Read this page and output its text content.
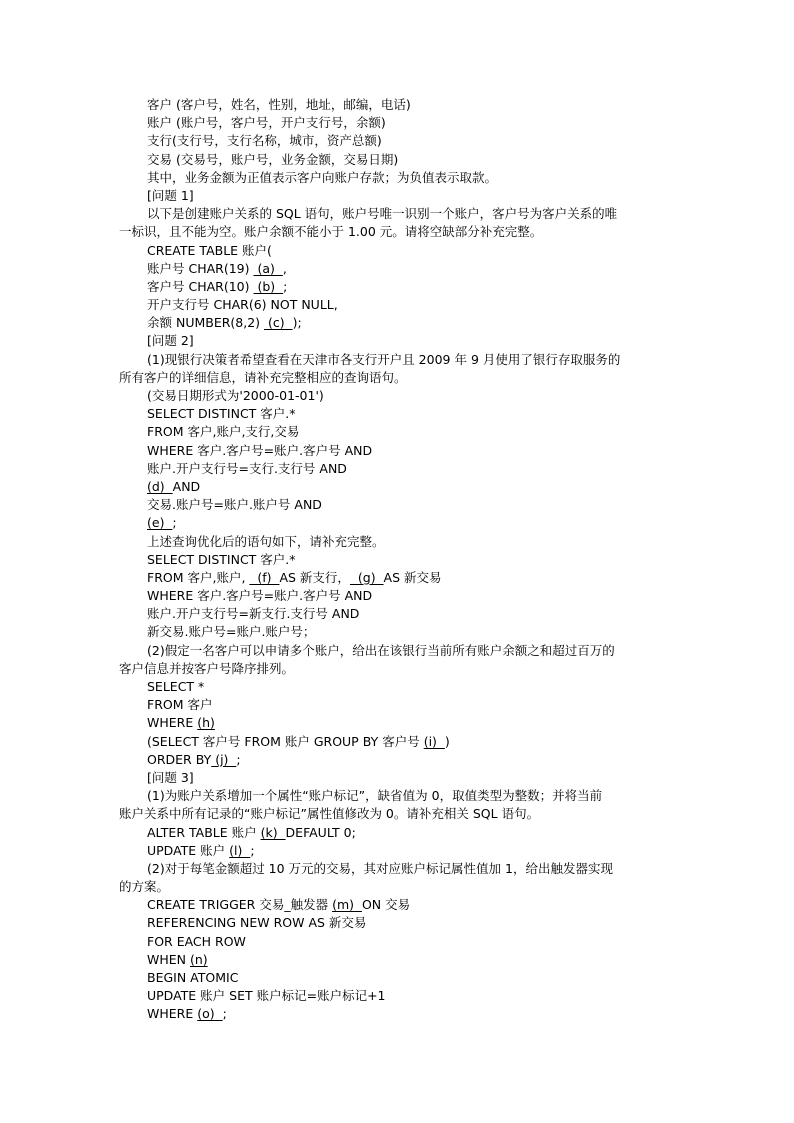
客户 (客户号，姓名，性别，地址，邮编，电话)
账户 (账户号，客户号，开户支行号，余额)
支行(支行号，支行名称，城市，资产总额)
交易 (交易号，账户号，业务金额，交易日期)
其中，业务金额为正值表示客户向账户存款；为负值表示取款。
[问题 1]
以下是创建账户关系的 SQL 语句，账户号唯一识别一个账户，客户号为客户关系的唯
一标识，且不能为空。账户余额不能小于 1.00 元。请将空缺部分补充完整。
CREATE TABLE 账户(
账户号 CHAR(19)  (a)  ,
客户号 CHAR(10)  (b)  ;
开户支行号 CHAR(6) NOT NULL,
余额 NUMBER(8,2)  (c)  );
[问题 2]
(1)现银行决策者希望查看在天津市各支行开户且 2009 年 9 月使用了银行存取服务的
所有客户的详细信息，请补充完整相应的查询语句。
(交易日期形式为'2000-01-01')
SELECT DISTINCT 客户.*
FROM 客户,账户,支行,交易
WHERE 客户.客户号=账户.客户号 AND
账户.开户支行号=支行.支行号 AND
(d)  AND
交易.账户号=账户.账户号 AND
(e)  ;
上述查询优化后的语句如下，请补充完整。
SELECT DISTINCT 客户.*
FROM 客户,账户,   (f)  AS 新支行，  (g)  AS 新交易
WHERE 客户.客户号=账户.客户号 AND
账户.开户支行号=新支行.支行号 AND
新交易.账户号=账户.账户号；
(2)假定一名客户可以申请多个账户，给出在该银行当前所有账户余额之和超过百万的
客户信息并按客户号降序排列。
SELECT *
FROM 客户
WHERE (h)
(SELECT 客户号 FROM 账户 GROUP BY 客户号 (i)  )
ORDER BY (j)  ;
[问题 3]
(1)为账户关系增加一个属性“账户标记”，缺省值为 0，取值类型为整数；并将当前
账户关系中所有记录的“账户标记”属性值修改为 0。请补充相关 SQL 语句。
ALTER TABLE 账户 (k)  DEFAULT 0;
UPDATE 账户 (l)  ;
(2)对于每笔金额超过 10 万元的交易，其对应账户标记属性值加 1，给出触发器实现
的方案。
CREATE TRIGGER 交易_触发器 (m)  ON 交易
REFERENCING NEW ROW AS 新交易
FOR EACH ROW
WHEN (n)
BEGIN ATOMIC
UPDATE 账户 SET 账户标记=账户标记+1
WHERE (o)  ;
